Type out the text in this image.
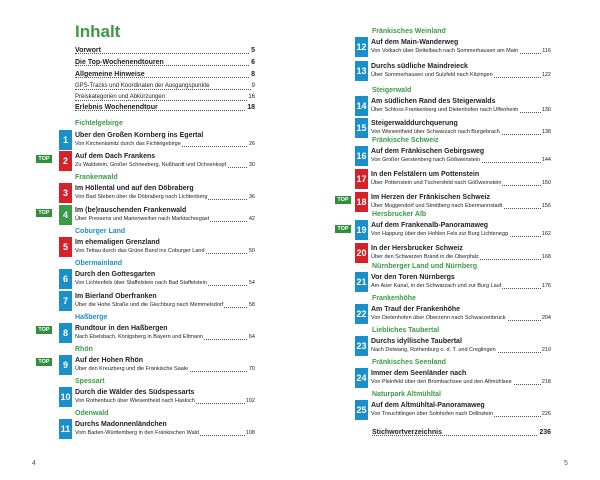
Inhalt
Vorwort	5
Die Top-Wochenendtouren	6
Allgemeine Hinweise	8
GPS-Tracks und Koordinaten der Ausgangspunkte	9
Preiskategorien und Abkürzungen	16
Erlebnis Wochenendtour	18
Fichtelgebirge
1	Über den Großen Kornberg ins Egertal
Von Kirchenlamitz durch das Fichtelgebirge	26
TOP	2	Auf dem Dach Frankens
Zu Waldstein, Großer Schneeberg, Nußhardt und Ochsenkopf	30
Frankenwald
3	Im Höllental und auf den Döbraberg
Von Bad Steben über die Döbraberg nach Lichtenberg	36
TOP	4	Im (be)rauschenden Frankenwald
Über Pressens und Marienweiher nach Marktschorgast	42
Coburger Land
5	Im ehemaligen Grenzland
Von Tettau durch das Grüne Band ins Coburger Land	50
Obermainland
6	Durch den Gottesgarten
Von Lichtenfels über Staffelstein nach Bad Staffelstein	54
7	Im Bierland Oberfranken
Über die Hohe Straße und die Giechburg nach Memmelsdorf	58
Haßberge
TOP	8	Rundtour in den Haßbergen
Nach Ebelsbach, Königsberg in Bayern und Eltmann	64
Rhön
TOP	9	Auf der Hohen Rhön
Über den Kreuzberg und die Fränkische Saale	70
Spessart
10 Durch die Wälder des Südspessarts
Von Rothenbuch über Wiesentheid nach Hasloch	102
Odenwald
11 Durchs Madonnenländchen
Vom Baden-Württemberg in den Fränkischen Wald	108
4
Fränkisches Weinland
12 Auf dem Main-Wanderweg
Von Volkach über Dettelbach nach Sommerhausen am Main	116
13 Durchs südliche Maindreieck
Über Sommerhausen und Sulzfeld nach Kitzingen	122
Steigerwald
14 Am südlichen Rand des Steigerwalds
Über Schloss Frankenberg und Dietenhofen nach Uffenheim	130
15 Steigerwalddurchquerung
Von Wiesentheid über Schwarzach nach Burgebrach	138
Fränkische Schweiz
16 Auf dem Fränkischen Gebirgsweg
Von Großer Gerstenberg nach Gößweinstein	144
17 In den Felstälern um Pottenstein
Über Pottenstein und Tüchersfeld nach Gößweinstein	150
TOP 18 Im Herzen der Fränkischen Schweiz
Über Muggendorf und Streitberg nach Ebermannstadt	156
Hersbrucker Alb
TOP 19 Auf dem Frankenalb-Panoramaweg
Von Happurg über den Hohlen Fels zur Burg Lichtenegg	162
20 In der Hersbrucker Schweiz
Über den Schwarzen Brand in die Oberpfalz	168
Nürnberger Land und Nürnberg
21 Vor den Toren Nürnbergs
Am Auer Kanal, in der Schwarzach und zur Burg Lauf	176
Frankenhöhe
22 Am Trauf der Frankenhöhe
Von Dietenhofen über Oberzenn nach Schwarzenbruck	204
Liebliches Taubertal
23 Durchs idyllische Taubertal
Nach Detwang, Rothenburg o. d. T. und Creglingen	210
Fränkisches Seenland
24 Immer dem Seenländer nach
Von Pleinfeld über den Brombachsee und den Altmühlsee	218
Naturpark Altmühltal
25 Auf dem Altmühltal-Panoramaweg
Von Treuchtlingen über Solnhofen nach Dollnstein	226
Stichwortverzeichnis	236
5
